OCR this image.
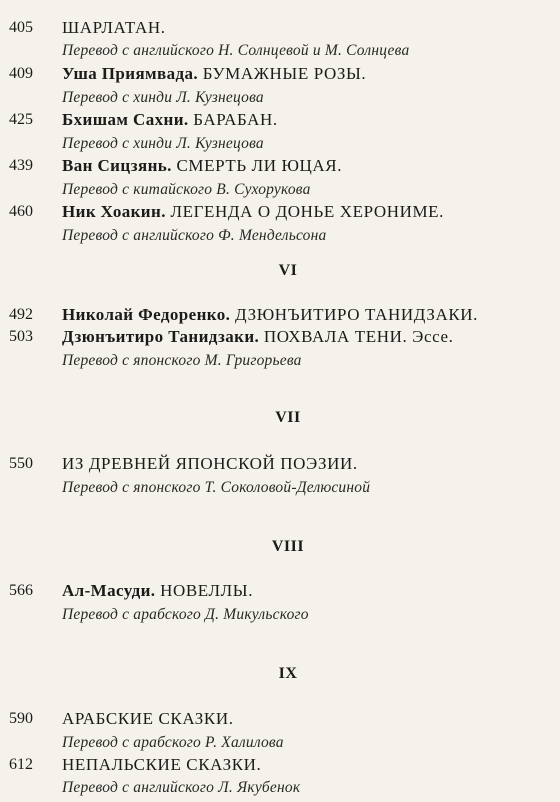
405	ШАРЛАТАН.
Перевод с английского Н. Солнцевой и М. Солнцева
409	Уша Приямвада. БУМАЖНЫЕ РОЗЫ.
Перевод с хинди Л. Кузнецова
425	Бхишам Сахни. БАРАБАН.
Перевод с хинди Л. Кузнецова
439	Ван Сицзянь. СМЕРТЬ ЛИ ЮЦАЯ.
Перевод с китайского В. Сухорукова
460	Ник Хоакин. ЛЕГЕНДА О ДОНЬЕ ХЕРОНИМЕ.
Перевод с английского Ф. Мендельсона
VI
492	Николай Федоренко. ДЗЮНЪИТИРО ТАНИДЗАКИ.
503	Дзюнъитиро Танидзаки. ПОХВАЛА ТЕНИ. Эссе.
Перевод с японского М. Григорьева
VII
550	ИЗ ДРЕВНЕЙ ЯПОНСКОЙ ПОЭЗИИ.
Перевод с японского Т. Соколовой-Делюсиной
VIII
566	Ал-Масуди. НОВЕЛЛЫ.
Перевод с арабского Д. Микульского
IX
590	АРАБСКИЕ СКАЗКИ.
Перевод с арабского Р. Халилова
612	НЕПАЛЬСКИЕ СКАЗКИ.
Перевод с английского Л. Якубенок
